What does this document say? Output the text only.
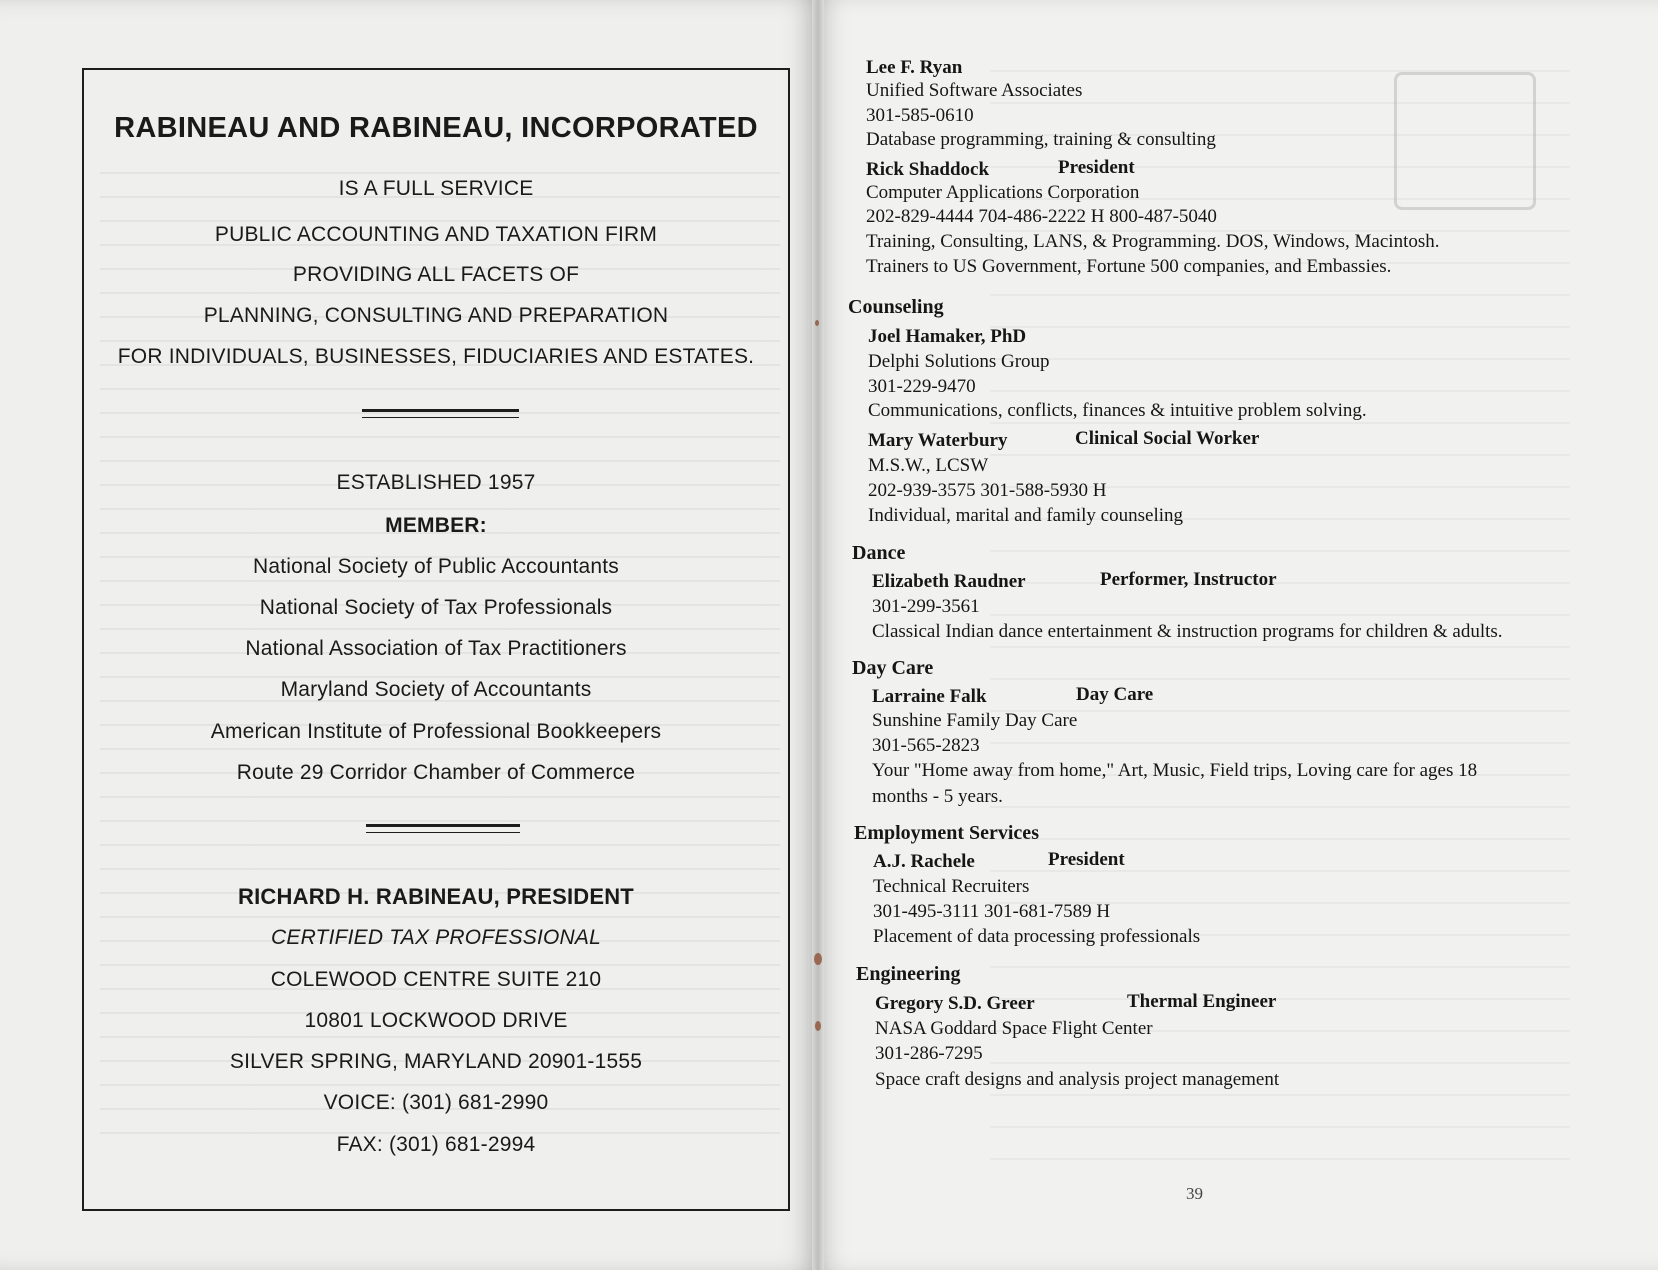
RABINEAU AND RABINEAU, INCORPORATED
IS A FULL SERVICE
PUBLIC ACCOUNTING AND TAXATION FIRM
PROVIDING ALL FACETS OF
PLANNING, CONSULTING AND PREPARATION
FOR INDIVIDUALS, BUSINESSES, FIDUCIARIES AND ESTATES.
ESTABLISHED 1957
MEMBER:
National Society of Public Accountants
National Society of Tax Professionals
National Association of Tax Practitioners
Maryland Society of Accountants
American Institute of Professional Bookkeepers
Route 29 Corridor Chamber of Commerce
RICHARD H. RABINEAU, PRESIDENT
CERTIFIED TAX PROFESSIONAL
COLEWOOD CENTRE SUITE 210
10801 LOCKWOOD DRIVE
SILVER SPRING, MARYLAND 20901-1555
VOICE: (301) 681-2990
FAX: (301) 681-2994
Lee F. Ryan
Unified Software Associates
301-585-0610
Database programming, training & consulting
Rick Shaddock	President
Computer Applications Corporation
202-829-4444 704-486-2222 H 800-487-5040
Training, Consulting, LANS, & Programming. DOS, Windows, Macintosh.
Trainers to US Government, Fortune 500 companies, and Embassies.
Counseling
Joel Hamaker, PhD
Delphi Solutions Group
301-229-9470
Communications, conflicts, finances & intuitive problem solving.
Mary Waterbury	Clinical Social Worker
M.S.W., LCSW
202-939-3575 301-588-5930 H
Individual, marital and family counseling
Dance
Elizabeth Raudner	Performer, Instructor
301-299-3561
Classical Indian dance entertainment & instruction programs for children & adults.
Day Care
Larraine Falk	Day Care
Sunshine Family Day Care
301-565-2823
Your "Home away from home," Art, Music, Field trips, Loving care for ages 18
months - 5 years.
Employment Services
A.J. Rachele	President
Technical Recruiters
301-495-3111 301-681-7589 H
Placement of data processing professionals
Engineering
Gregory S.D. Greer	Thermal Engineer
NASA Goddard Space Flight Center
301-286-7295
Space craft designs and analysis project management
39
